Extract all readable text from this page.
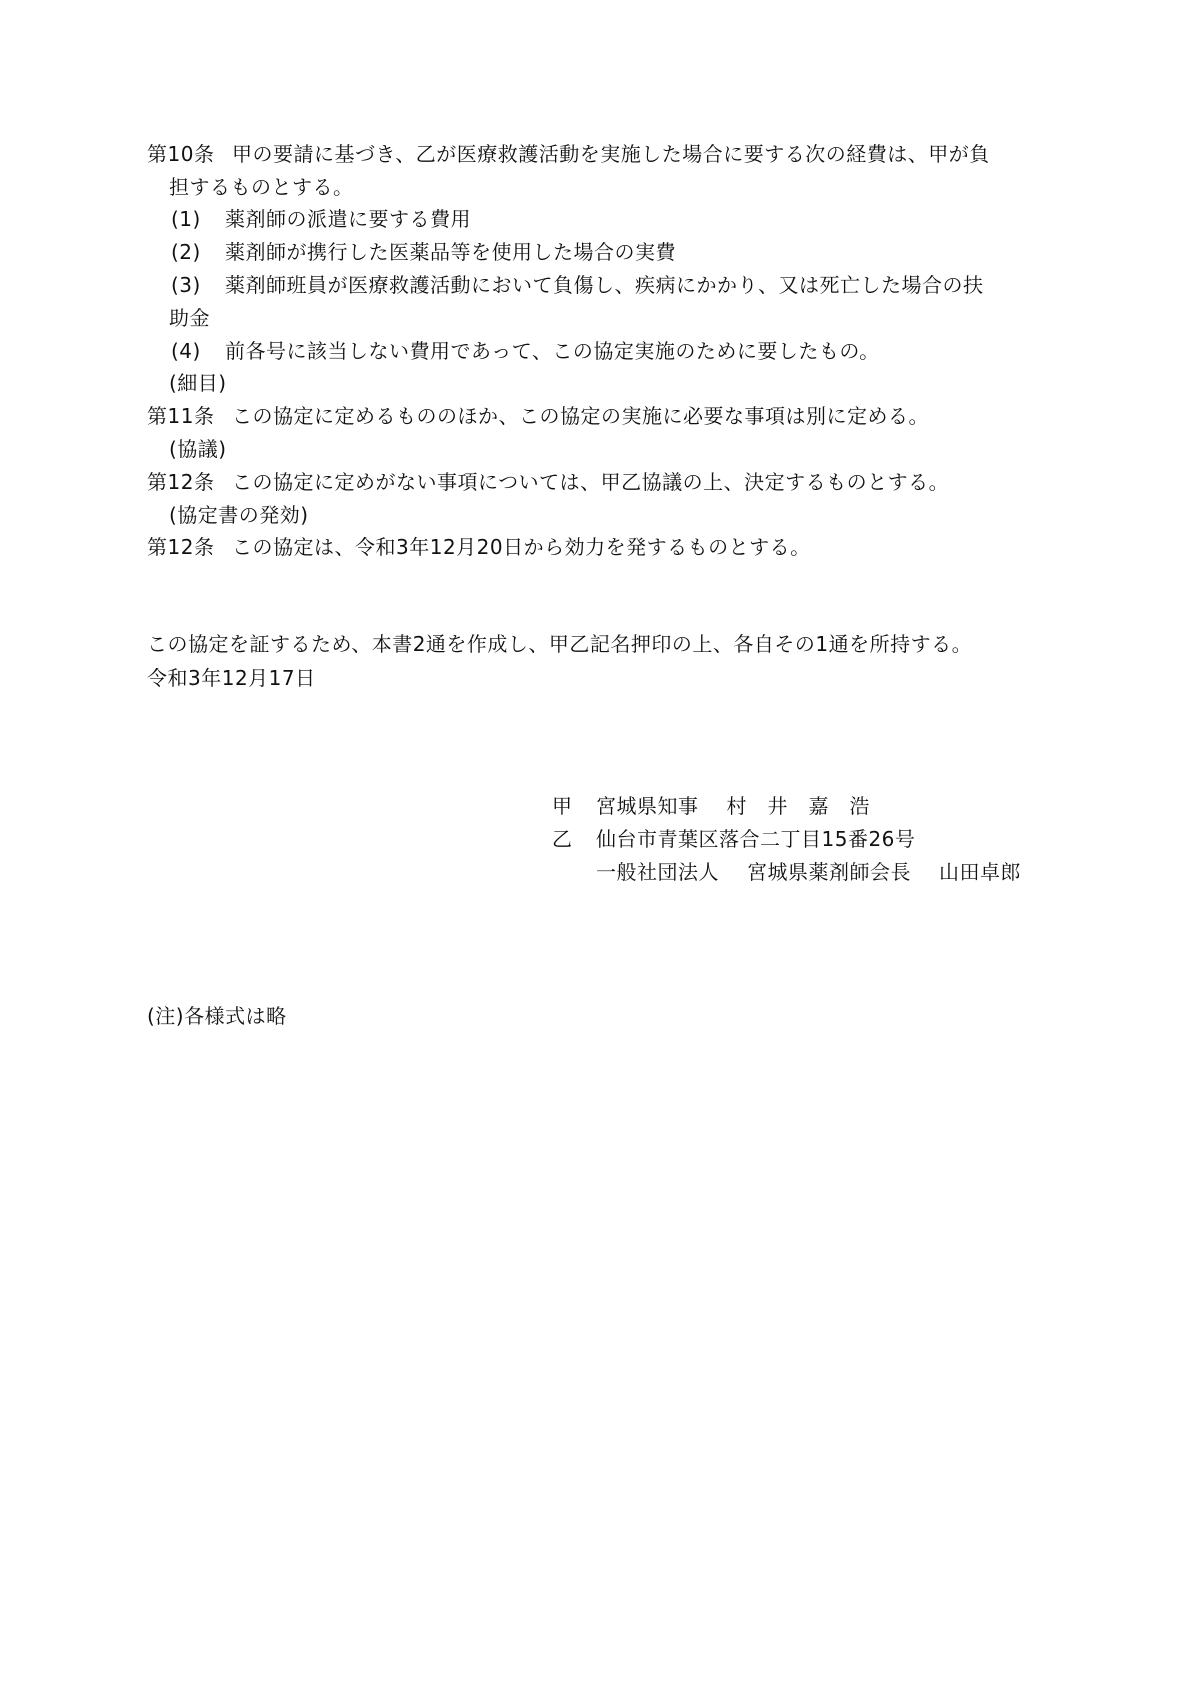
第10条 甲の要請に基づき、乙が医療救護活動を実施した場合に要する次の経費は、甲が負
担するものとする。
(1) 薬剤師の派遣に要する費用
(2) 薬剤師が携行した医薬品等を使用した場合の実費
(3) 薬剤師班員が医療救護活動において負傷し、疾病にかかり、又は死亡した場合の扶
助金
(4) 前各号に該当しない費用であって、この協定実施のために要したもの。
(細目)
第11条 この協定に定めるもののほか、この協定の実施に必要な事項は別に定める。
(協議)
第12条 この協定に定めがない事項については、甲乙協議の上、決定するものとする。
(協定書の発効)
第12条 この協定は、令和3年12月20日から効力を発するものとする。
この協定を証するため、本書2通を作成し、甲乙記名押印の上、各自その1通を所持する。
令和3年12月17日
甲 宮城県知事 村　井　嘉　浩
乙 仙台市青葉区落合二丁目15番26号
一般社団法人 宮城県薬剤師会長 山田卓郎
(注)各様式は略
